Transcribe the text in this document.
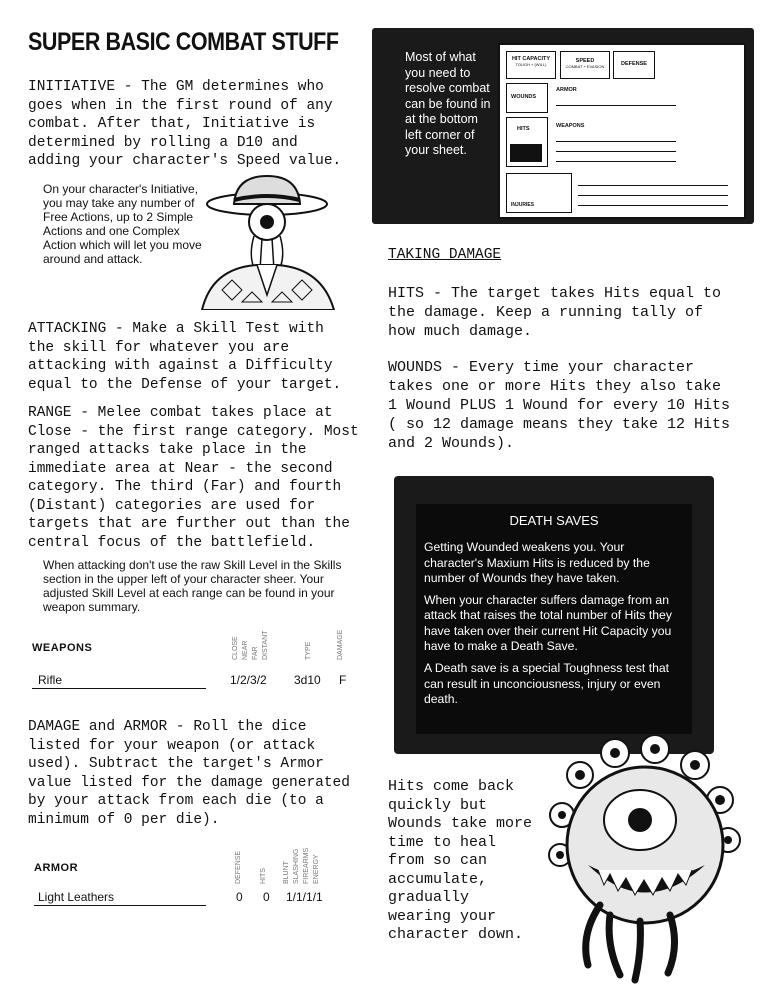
SUPER BASIC COMBAT STUFF
INITIATIVE - The GM determines who goes when in the first round of any combat. After that, Initiative is determined by rolling a D10 and adding your character's Speed value.
On your character's Initiative, you may take any number of Free Actions, up to 2 Simple Actions and one Complex Action which will let you move around and attack.
ATTACKING - Make a Skill Test with the skill for whatever you are attacking with against a Difficulty equal to the Defense of your target.
RANGE - Melee combat takes place at Close - the first range category. Most ranged attacks take place in the immediate area at Near - the second category. The third (Far) and fourth (Distant) categories are used for targets that are further out than the central focus of the battlefield.
When attacking don't use the raw Skill Level in the Skills section in the upper left of your character sheer. Your adjusted Skill Level at each range can be found in your weapon summary.
WEAPONS	CLOSE NEAR FAR DISTANT	TYPE	DAMAGE
Rifle	1/2/3/2 3d10 F
DAMAGE and ARMOR - Roll the dice listed for your weapon (or attack used). Subtract the target's Armor value listed for the damage generated by your attack from each die (to a minimum of 0 per die).
ARMOR	DEFENSE	HITS BLUNT SLASHING FIREARMS ENERGY
Light Leathers	0 0 1/1/1/1
Most of what you need to resolve combat can be found in at the bottom left corner of your sheet.
HIT CAPACITY
TOUGH + (WILL)
SPEED
COMBAT + EVASION	DEFENSE
WOUNDS
HITS
ARMOR
WEAPONS
INJURIES
TAKING DAMAGE
HITS - The target takes Hits equal to the damage. Keep a running tally of how much damage.
WOUNDS - Every time your character takes one or more Hits they also take 1 Wound PLUS 1 Wound for every 10 Hits ( so 12 damage means they take 12 Hits and 2 Wounds).
DEATH SAVES

Getting Wounded weakens you. Your character's Maxium Hits is reduced by the number of Wounds they have taken.

When your character suffers damage from an attack that raises the total number of Hits they have taken over their current Hit Capacity you have to make a Death Save.

A Death save is a special Toughness test that can result in unconciousness, injury or even death.

Hits come back quickly but Wounds take more time to heal from so can accumulate, gradually wearing your character down.
